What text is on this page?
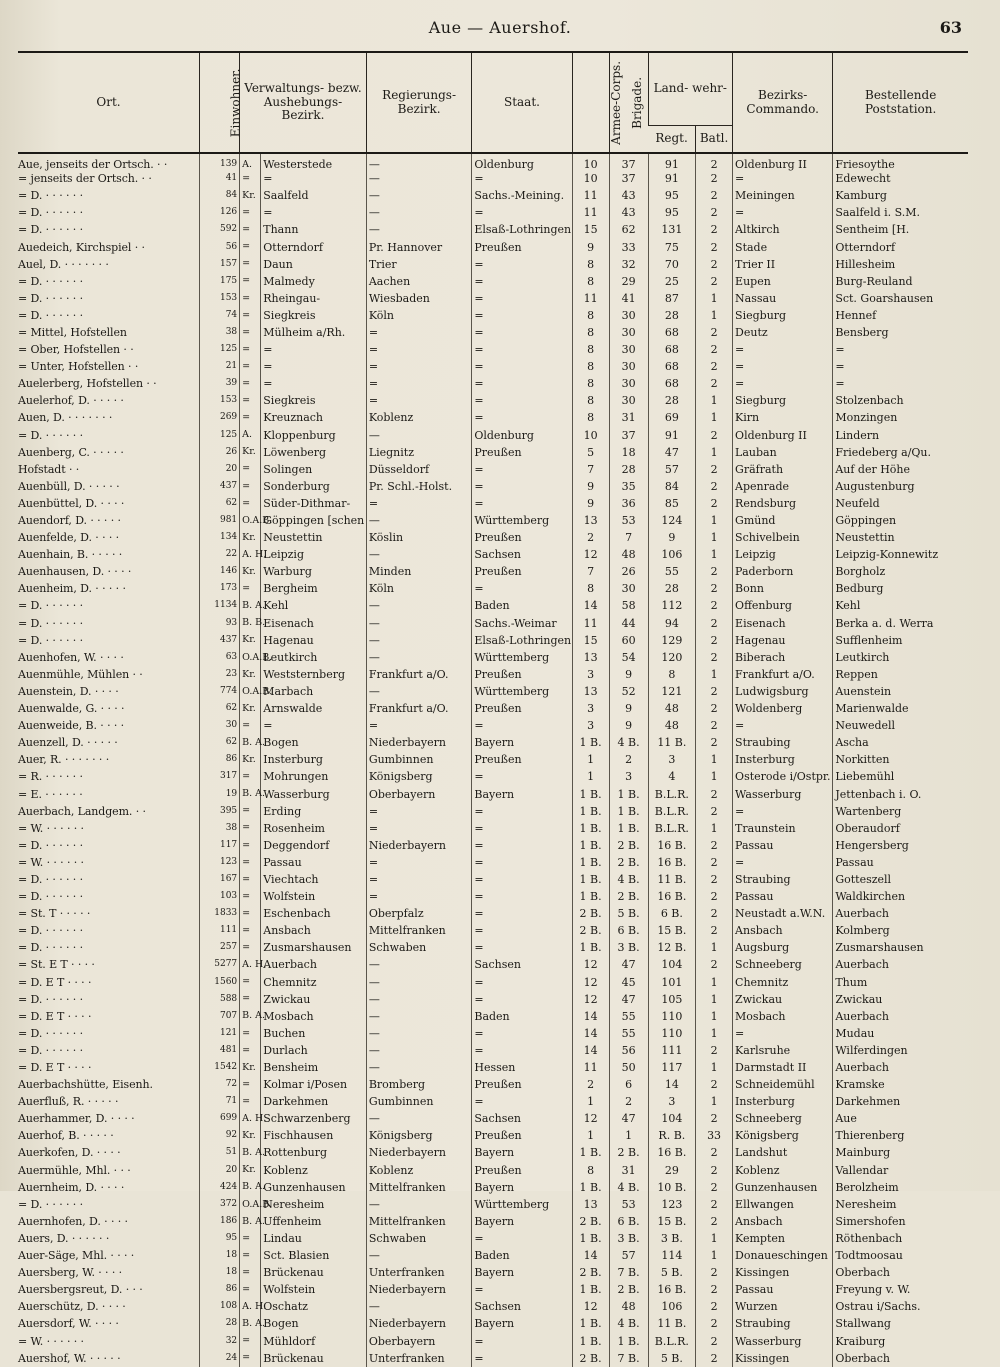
Aue — Auershof.	63
Ort.	Einwohner.	Verwaltungs- bezw. Aushebungs- Bezirk.		Regierungs- Bezirk.	Staat.	Armee-Corps.	Brigade.	Land- wehr-		Bezirks- Commando.	Bestellende Poststation.
								Regt.	Batl.		
Aue, jenseits der Ortsch. · ·	139	A.	Westerstede	—	Oldenburg	10	37	91	2	Oldenburg II	Friesoythe
= jenseits der Ortsch. · ·	41	=	=	—	=	10	37	91	2	=	Edewecht
= D. · · · · · ·	84	Kr.	Saalfeld	—	Sachs.-Meining.	11	43	95	2	Meiningen	Kamburg
= D. · · · · · ·	126	=	=	—	=	11	43	95	2	=	Saalfeld i. S.M.
= D. · · · · · ·	592	=	Thann	—	Elsaß-Lothringen	15	62	131	2	Altkirch	Sentheim [H.
Auedeich, Kirchspiel · ·	56	=	Otterndorf	Pr. Hannover	Preußen	9	33	75	2	Stade	Otterndorf
Auel, D. · · · · · · ·	157	=	Daun	Trier	=	8	32	70	2	Trier II	Hillesheim
= D. · · · · · ·	175	=	Malmedy	Aachen	=	8	29	25	2	Eupen	Burg-Reuland
= D. · · · · · ·	153	=	Rheingau-	Wiesbaden	=	11	41	87	1	Nassau	Sct. Goarshausen
= D. · · · · · ·	74	=	Siegkreis	Köln	=	8	30	28	1	Siegburg	Hennef
= Mittel, Hofstellen	38	=	Mülheim a/Rh.	=	=	8	30	68	2	Deutz	Bensberg
= Ober, Hofstellen · ·	125	=	=	=	=	8	30	68	2	=	=
= Unter, Hofstellen · ·	21	=	=	=	=	8	30	68	2	=	=
Auelerberg, Hofstellen · ·	39	=	=	=	=	8	30	68	2	=	=
Auelerhof, D. · · · · ·	153	=	Siegkreis	=	=	8	30	28	1	Siegburg	Stolzenbach
Auen, D. · · · · · · ·	269	=	Kreuznach	Koblenz	=	8	31	69	1	Kirn	Monzingen
= D. · · · · · ·	125	A.	Kloppenburg	—	Oldenburg	10	37	91	2	Oldenburg II	Lindern
Auenberg, C. · · · · ·	26	Kr.	Löwenberg	Liegnitz	Preußen	5	18	47	1	Lauban	Friedeberg a/Qu.
Hofstadt · ·	20	=	Solingen	Düsseldorf	=	7	28	57	2	Gräfrath	Auf der Höhe
Auenbüll, D. · · · · ·	437	=	Sonderburg	Pr. Schl.-Holst.	=	9	35	84	2	Apenrade	Augustenburg
Auenbüttel, D. · · · ·	62	=	Süder-Dithmar-	=	=	9	36	85	2	Rendsburg	Neufeld
Auendorf, D. · · · · ·	981	O.A.B.	Göppingen [schen	—	Württemberg	13	53	124	1	Gmünd	Göppingen
Auenfelde, D. · · · ·	134	Kr.	Neustettin	Köslin	Preußen	2	7	9	1	Schivelbein	Neustettin
Auenhain, B. · · · · ·	22	A. H.	Leipzig	—	Sachsen	12	48	106	1	Leipzig	Leipzig-Konnewitz
Auenhausen, D. · · · ·	146	Kr.	Warburg	Minden	Preußen	7	26	55	2	Paderborn	Borgholz
Auenheim, D. · · · · ·	173	=	Bergheim	Köln	=	8	30	28	2	Bonn	Bedburg
= D. · · · · · ·	1134	B. A.	Kehl	—	Baden	14	58	112	2	Offenburg	Kehl
= D. · · · · · ·	93	B. B.	Eisenach	—	Sachs.-Weimar	11	44	94	2	Eisenach	Berka a. d. Werra
= D. · · · · · ·	437	Kr.	Hagenau	—	Elsaß-Lothringen	15	60	129	2	Hagenau	Sufflenheim
Auenhofen, W. · · · ·	63	O.A.B.	Leutkirch	—	Württemberg	13	54	120	2	Biberach	Leutkirch
Auenmühle, Mühlen · ·	23	Kr.	Weststernberg	Frankfurt a/O.	Preußen	3	9	8	1	Frankfurt a/O.	Reppen
Auenstein, D. · · · ·	774	O.A.B.	Marbach	—	Württemberg	13	52	121	2	Ludwigsburg	Auenstein
Auenwalde, G. · · · ·	62	Kr.	Arnswalde	Frankfurt a/O.	Preußen	3	9	48	2	Woldenberg	Marienwalde
Auenweide, B. · · · ·	30	=	=	=	=	3	9	48	2	=	Neuwedell
Auenzell, D. · · · · ·	62	B. A.	Bogen	Niederbayern	Bayern	1 B.	4 B.	11 B.	2	Straubing	Ascha
Auer, R. · · · · · · ·	86	Kr.	Insterburg	Gumbinnen	Preußen	1	2	3	1	Insterburg	Norkitten
= R. · · · · · ·	317	=	Mohrungen	Königsberg	=	1	3	4	1	Osterode i/Ostpr.	Liebemühl
= E. · · · · · ·	19	B. A.	Wasserburg	Oberbayern	Bayern	1 B.	1 B.	B.L.R.	2	Wasserburg	Jettenbach i. O.
Auerbach, Landgem. · ·	395	=	Erding	=	=	1 B.	1 B.	B.L.R.	2	=	Wartenberg
= W. · · · · · ·	38	=	Rosenheim	=	=	1 B.	1 B.	B.L.R.	1	Traunstein	Oberaudorf
= D. · · · · · ·	117	=	Deggendorf	Niederbayern	=	1 B.	2 B.	16 B.	2	Passau	Hengersberg
= W. · · · · · ·	123	=	Passau	=	=	1 B.	2 B.	16 B.	2	=	Passau
= D. · · · · · ·	167	=	Viechtach	=	=	1 B.	4 B.	11 B.	2	Straubing	Gotteszell
= D. · · · · · ·	103	=	Wolfstein	=	=	1 B.	2 B.	16 B.	2	Passau	Waldkirchen
= St. T · · · · ·	1833	=	Eschenbach	Oberpfalz	=	2 B.	5 B.	6 B.	2	Neustadt a.W.N.	Auerbach
= D. · · · · · ·	111	=	Ansbach	Mittelfranken	=	2 B.	6 B.	15 B.	2	Ansbach	Kolmberg
= D. · · · · · ·	257	=	Zusmarshausen	Schwaben	=	1 B.	3 B.	12 B.	1	Augsburg	Zusmarshausen
= St. E T · · · ·	5277	A. H.	Auerbach	—	Sachsen	12	47	104	2	Schneeberg	Auerbach
= D. E T · · · ·	1560	=	Chemnitz	—	=	12	45	101	1	Chemnitz	Thum
= D. · · · · · ·	588	=	Zwickau	—	=	12	47	105	1	Zwickau	Zwickau
= D. E T · · · ·	707	B. A.	Mosbach	—	Baden	14	55	110	1	Mosbach	Auerbach
= D. · · · · · ·	121	=	Buchen	—	=	14	55	110	1	=	Mudau
= D. · · · · · ·	481	=	Durlach	—	=	14	56	111	2	Karlsruhe	Wilferdingen
= D. E T · · · ·	1542	Kr.	Bensheim	—	Hessen	11	50	117	1	Darmstadt II	Auerbach
Auerbachshütte, Eisenh.	72	=	Kolmar i/Posen	Bromberg	Preußen	2	6	14	2	Schneidemühl	Kramske
Auerfluß, R. · · · · ·	71	=	Darkehmen	Gumbinnen	=	1	2	3	1	Insterburg	Darkehmen
Auerhammer, D. · · · ·	699	A. H.	Schwarzenberg	—	Sachsen	12	47	104	2	Schneeberg	Aue
Auerhof, B. · · · · ·	92	Kr.	Fischhausen	Königsberg	Preußen	1	1	R. B.	33	Königsberg	Thierenberg
Auerkofen, D. · · · ·	51	B. A.	Rottenburg	Niederbayern	Bayern	1 B.	2 B.	16 B.	2	Landshut	Mainburg
Auermühle, Mhl. · · ·	20	Kr.	Koblenz	Koblenz	Preußen	8	31	29	2	Koblenz	Vallendar
Auernheim, D. · · · ·	424	B. A.	Gunzenhausen	Mittelfranken	Bayern	1 B.	4 B.	10 B.	2	Gunzenhausen	Berolzheim
= D. · · · · · ·	372	O.A.B.	Neresheim	—	Württemberg	13	53	123	2	Ellwangen	Neresheim
Auernhofen, D. · · · ·	186	B. A.	Uffenheim	Mittelfranken	Bayern	2 B.	6 B.	15 B.	2	Ansbach	Simershofen
Auers, D. · · · · · ·	95	=	Lindau	Schwaben	=	1 B.	3 B.	3 B.	1	Kempten	Röthenbach
Auer-Säge, Mhl. · · · ·	18	=	Sct. Blasien	—	Baden	14	57	114	1	Donaueschingen	Todtmoosau
Auersberg, W. · · · ·	18	=	Brückenau	Unterfranken	Bayern	2 B.	7 B.	5 B.	2	Kissingen	Oberbach
Auersbergsreut, D. · · ·	86	=	Wolfstein	Niederbayern	=	1 B.	2 B.	16 B.	2	Passau	Freyung v. W.
Auerschütz, D. · · · ·	108	A. H.	Oschatz	—	Sachsen	12	48	106	2	Wurzen	Ostrau i/Sachs.
Auersdorf, W. · · · ·	28	B. A.	Bogen	Niederbayern	Bayern	1 B.	4 B.	11 B.	2	Straubing	Stallwang
= W. · · · · · ·	32	=	Mühldorf	Oberbayern	=	1 B.	1 B.	B.L.R.	2	Wasserburg	Kraiburg
Auershof, W. · · · · ·	24	=	Brückenau	Unterfranken	=	2 B.	7 B.	5 B.	2	Kissingen	Oberbach
